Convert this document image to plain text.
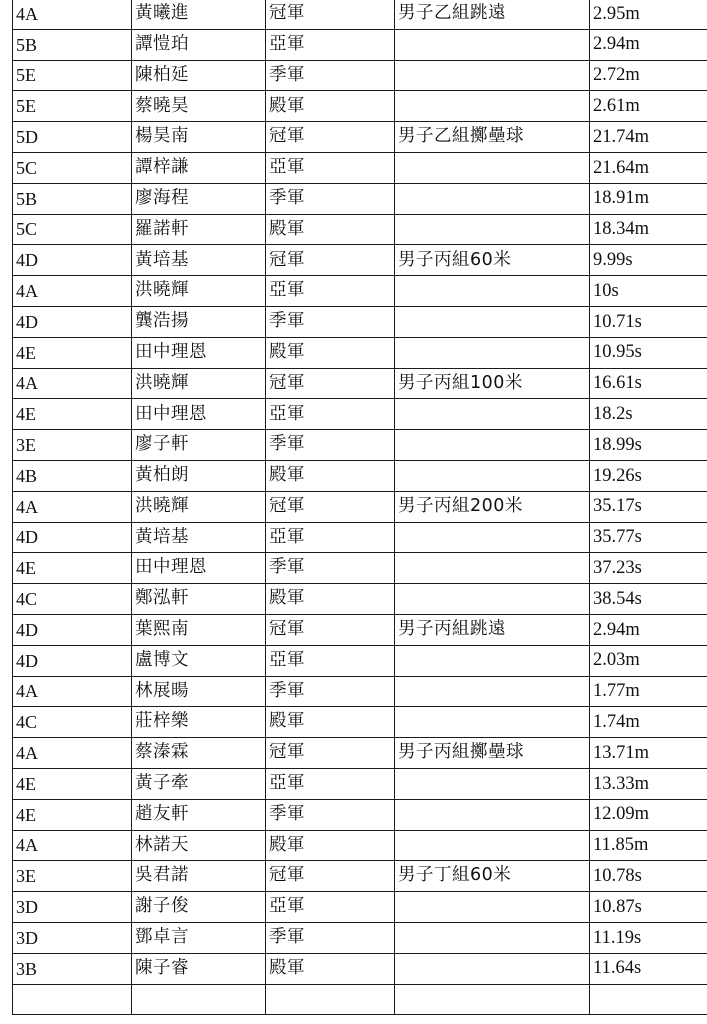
4A	黃曦進	冠軍	男子乙組跳遠	2.95m
5B	譚愷珀	亞軍		2.94m
5E	陳柏延	季軍		2.72m
5E	蔡曉昊	殿軍		2.61m
5D	楊昊南	冠軍	男子乙組擲壘球	21.74m
5C	譚梓謙	亞軍		21.64m
5B	廖海程	季軍		18.91m
5C	羅諾軒	殿軍		18.34m
4D	黃培基	冠軍	男子丙組60米	9.99s
4A	洪曉輝	亞軍		10s
4D	龔浩揚	季軍		10.71s
4E	田中理恩	殿軍		10.95s
4A	洪曉輝	冠軍	男子丙組100米	16.61s
4E	田中理恩	亞軍		18.2s
3E	廖子軒	季軍		18.99s
4B	黃柏朗	殿軍		19.26s
4A	洪曉輝	冠軍	男子丙組200米	35.17s
4D	黃培基	亞軍		35.77s
4E	田中理恩	季軍		37.23s
4C	鄭泓軒	殿軍		38.54s
4D	葉熙南	冠軍	男子丙組跳遠	2.94m
4D	盧博文	亞軍		2.03m
4A	林展暘	季軍		1.77m
4C	莊梓樂	殿軍		1.74m
4A	蔡溱霖	冠軍	男子丙組擲壘球	13.71m
4E	黃子牽	亞軍		13.33m
4E	趙友軒	季軍		12.09m
4A	林諾天	殿軍		11.85m
3E	吳君諾	冠軍	男子丁組60米	10.78s
3D	謝子俊	亞軍		10.87s
3D	鄧卓言	季軍		11.19s
3B	陳子睿	殿軍		11.64s
